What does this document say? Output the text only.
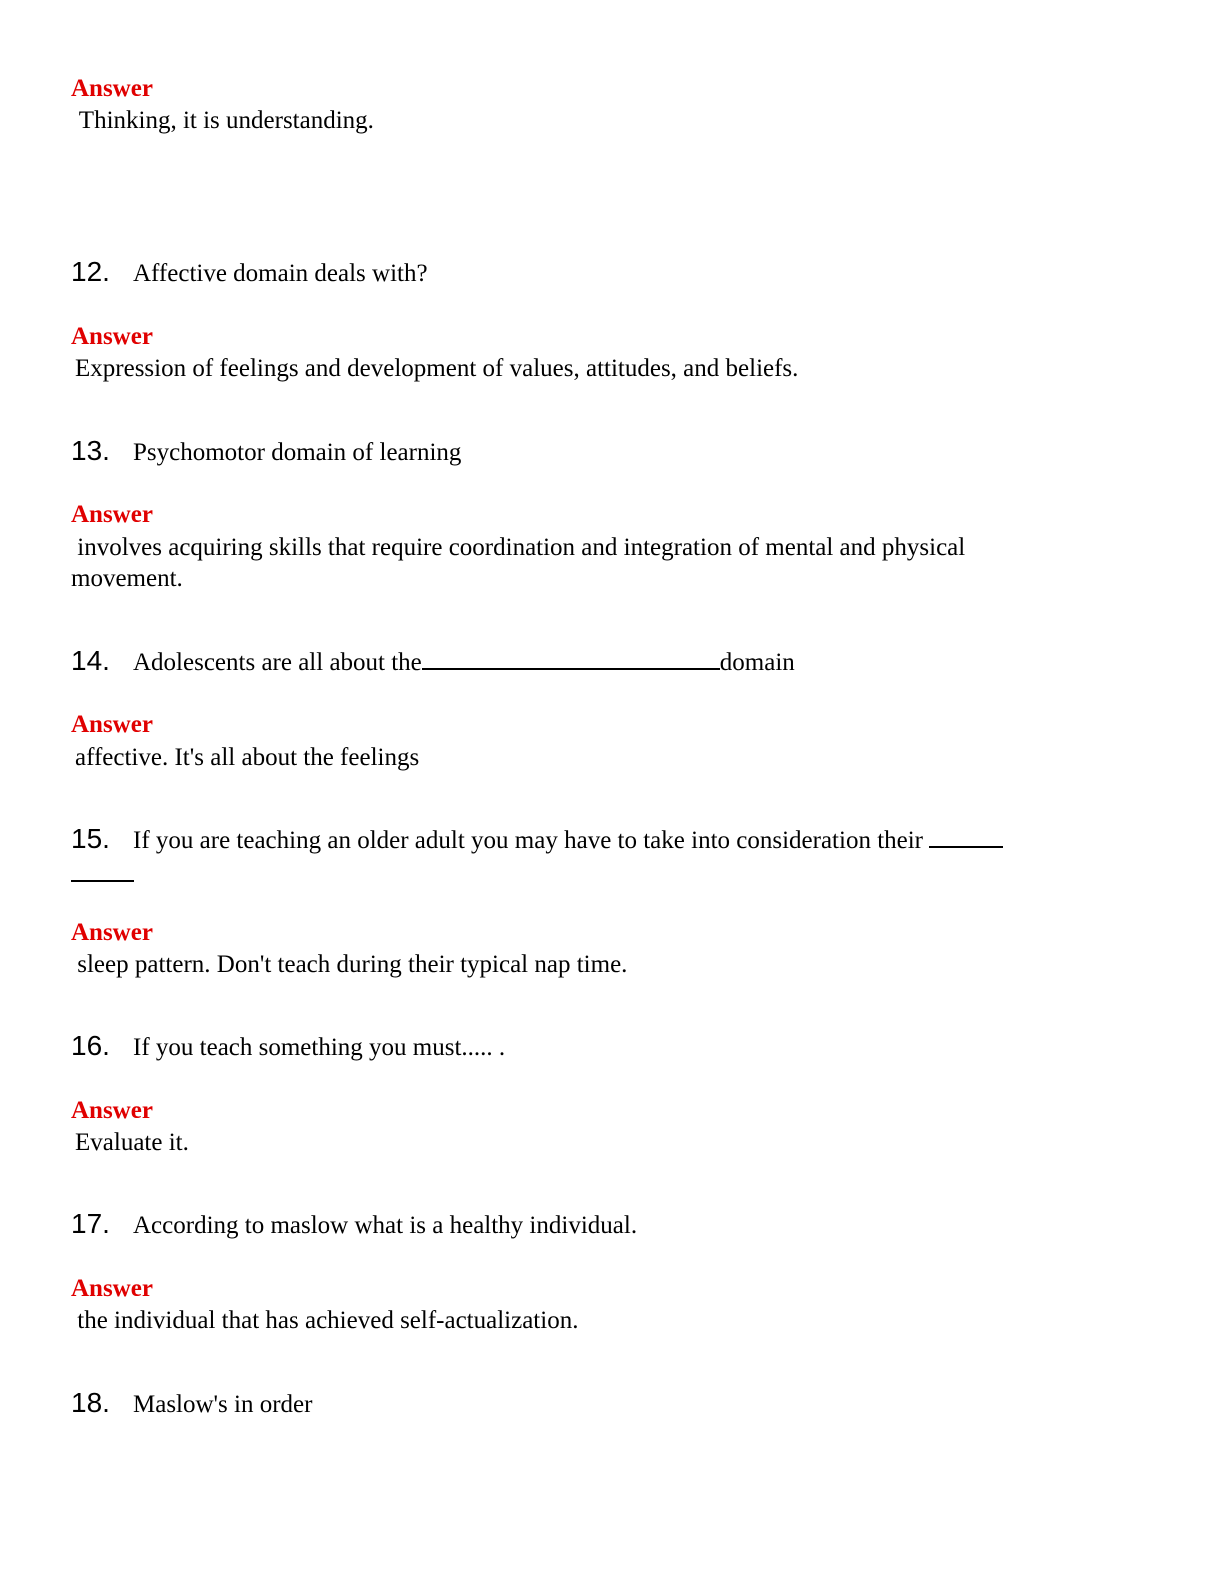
Answer
Thinking, it is understanding.
12. Affective domain deals with?
Answer
Expression of feelings and development of values, attitudes, and beliefs.
13. Psychomotor domain of learning
Answer
involves acquiring skills that require coordination and integration of mental and physical movement.
14. Adolescents are all about the	domain
Answer
affective. It's all about the feelings
15. If you are teaching an older adult you may have to take into consideration their
Answer
sleep pattern. Don't teach during their typical nap time.
16. If you teach something you must..... .
Answer
Evaluate it.
17. According to maslow what is a healthy individual.
Answer
the individual that has achieved self-actualization.
18. Maslow's in order
